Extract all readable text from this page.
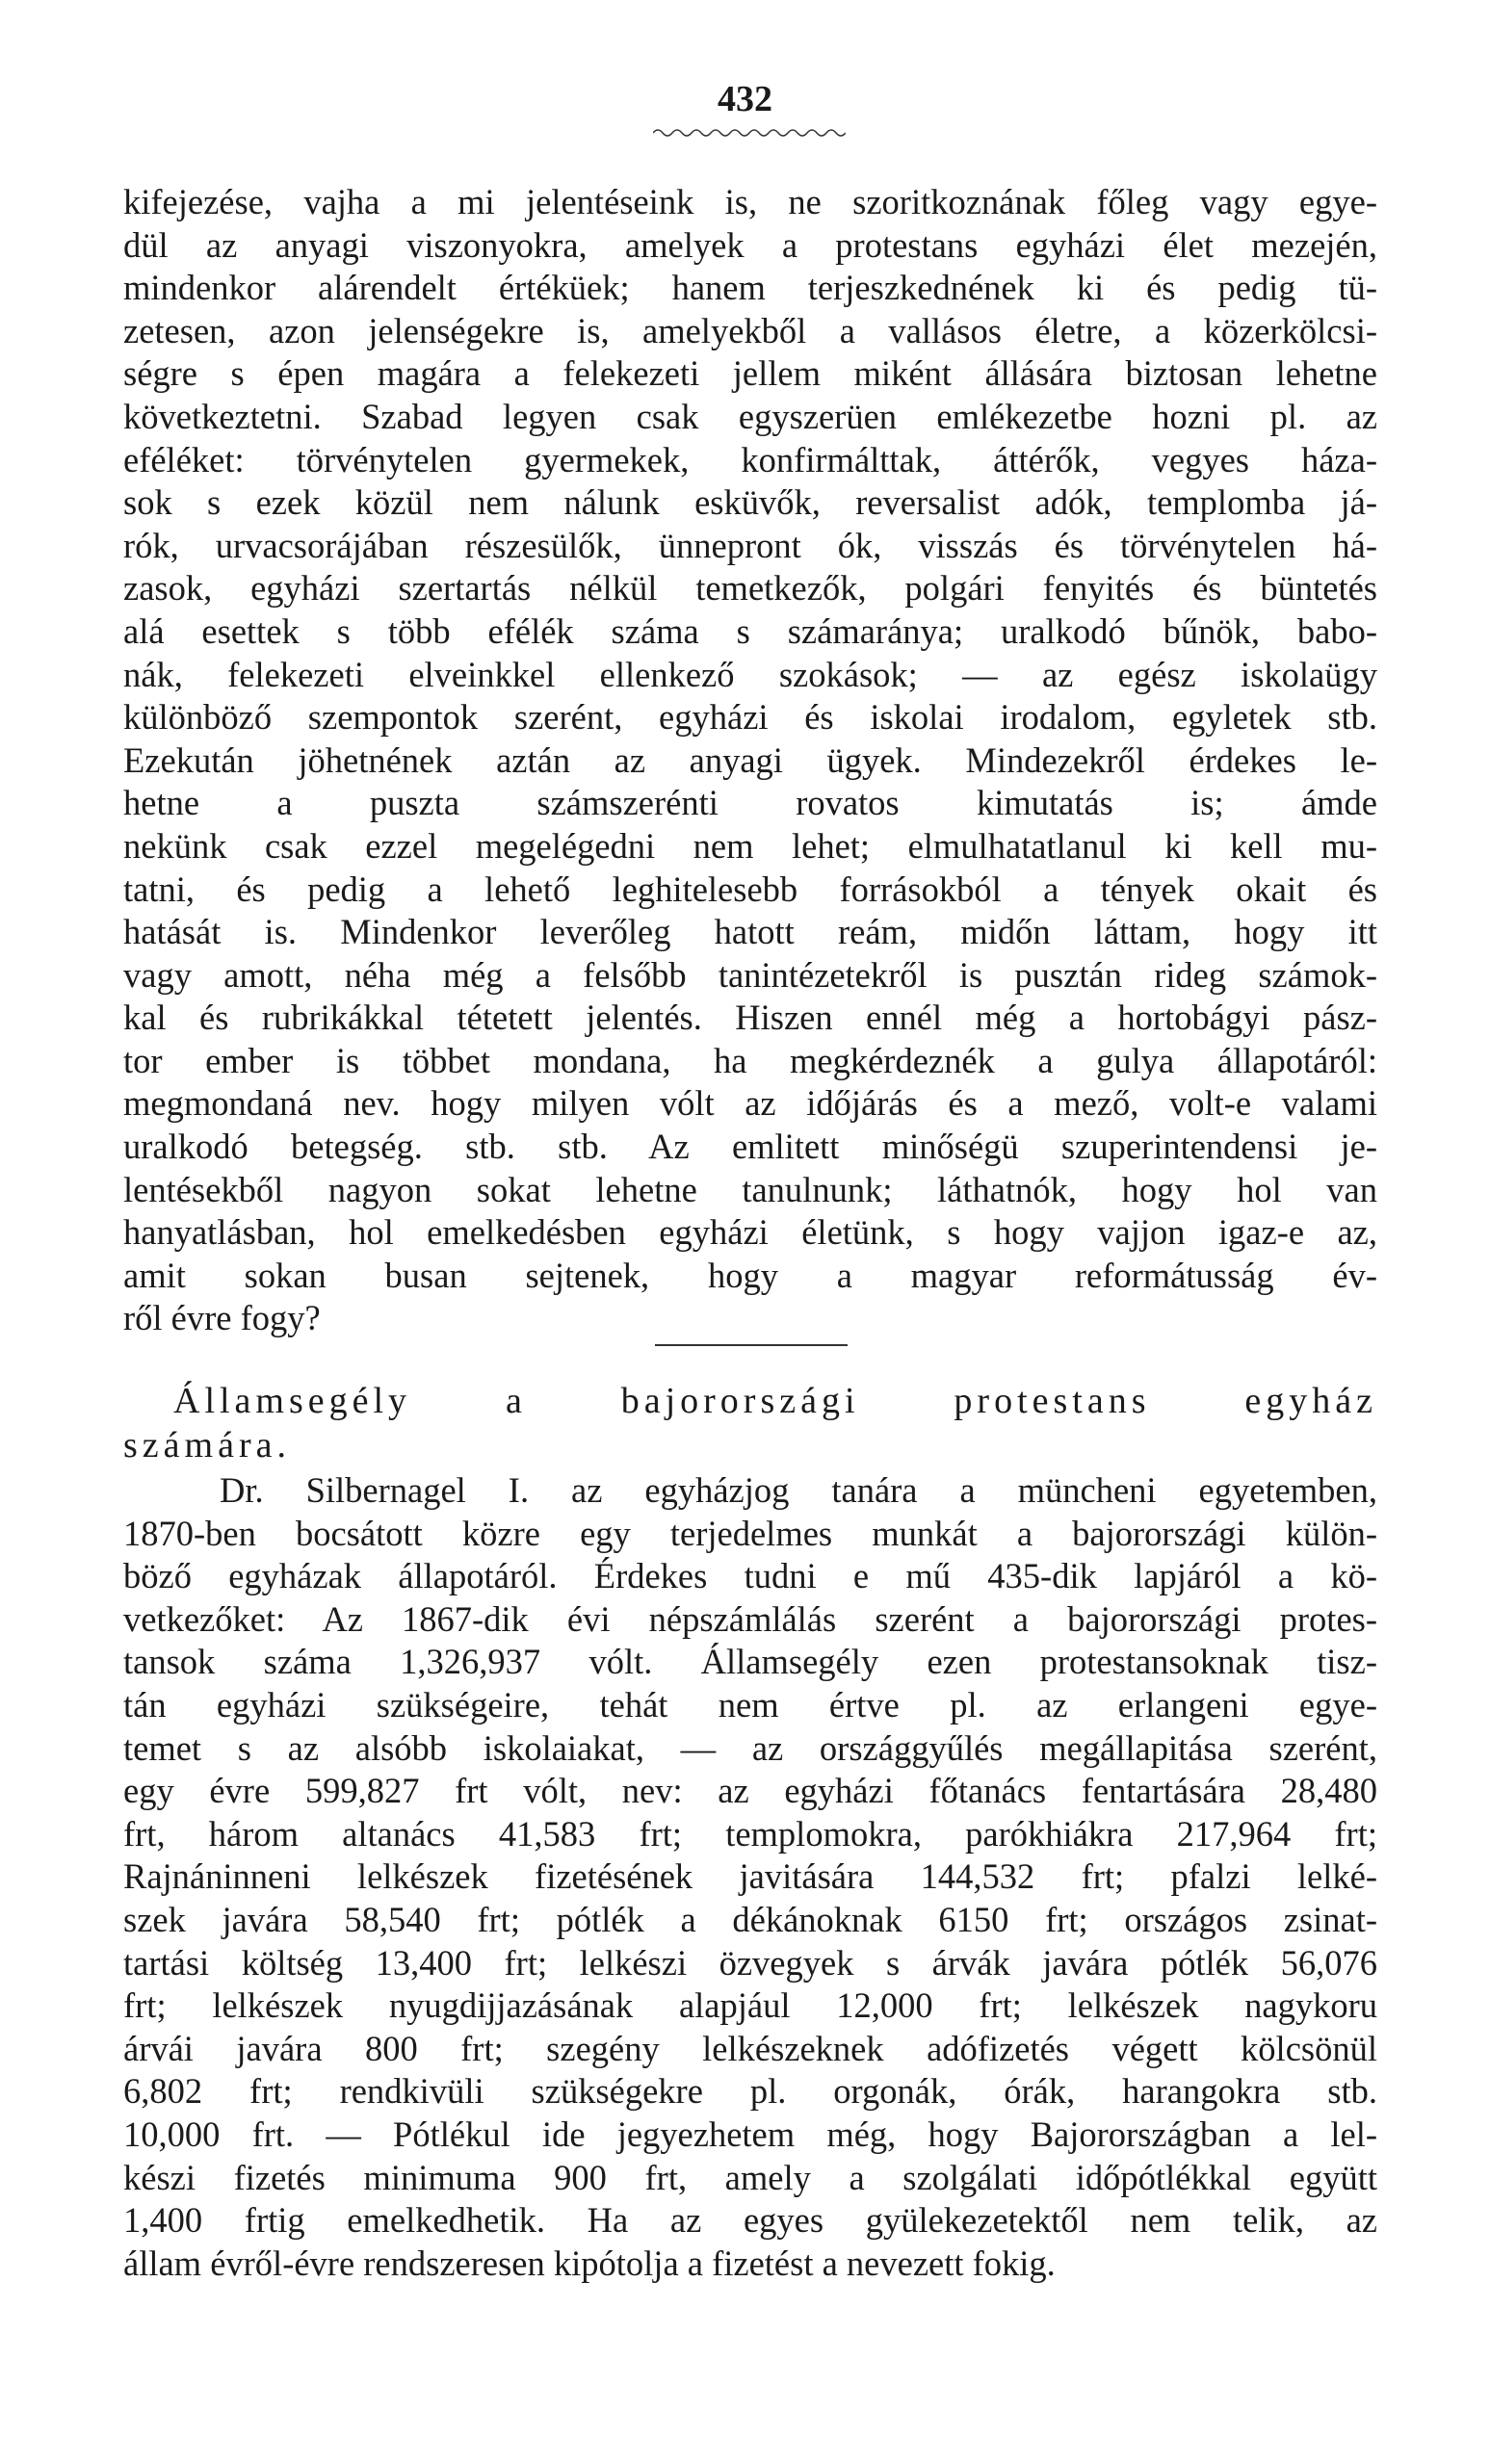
432
kifejezése, vajha a mi jelentéseink is, ne szoritkoznának főleg vagy egye-
dül az anyagi viszonyokra, amelyek a protestans egyházi élet mezején,
mindenkor alárendelt értéküek; hanem terjeszkednének ki és pedig tü-
zetesen, azon jelenségekre is, amelyekből a vallásos életre, a közerkölcsi-
ségre s épen magára a felekezeti jellem miként állására biztosan lehetne
következtetni. Szabad legyen csak egyszerüen emlékezetbe hozni pl. az
eféléket: törvénytelen gyermekek, konfirmálttak, áttérők, vegyes háza-
sok s ezek közül nem nálunk esküvők, reversalist adók, templomba já-
rók, urvacsorájában részesülők, ünnepront ók, visszás és törvénytelen há-
zasok, egyházi szertartás nélkül temetkezők, polgári fenyités és büntetés
alá esettek s több efélék száma s számaránya; uralkodó bűnök, babo-
nák, felekezeti elveinkkel ellenkező szokások; — az egész iskolaügy
különböző szempontok szerént, egyházi és iskolai irodalom, egyletek stb.
Ezekután jöhetnének aztán az anyagi ügyek. Mindezekről érdekes le-
hetne a puszta számszerénti rovatos kimutatás is; ámde
nekünk csak ezzel megelégedni nem lehet; elmulhatatlanul ki kell mu-
tatni, és pedig a lehető leghitelesebb forrásokból a tények okait és
hatását is. Mindenkor leverőleg hatott reám, midőn láttam, hogy itt
vagy amott, néha még a felsőbb tanintézetekről is pusztán rideg számok-
kal és rubrikákkal tétetett jelentés. Hiszen ennél még a hortobágyi pász-
tor ember is többet mondana, ha megkérdeznék a gulya állapotáról:
megmondaná nev. hogy milyen vólt az időjárás és a mező, volt-e valami
uralkodó betegség. stb. stb. Az emlitett minőségü szuperintendensi je-
lentésekből nagyon sokat lehetne tanulnunk; láthatnók, hogy hol van
hanyatlásban, hol emelkedésben egyházi életünk, s hogy vajjon igaz-e az,
amit sokan busan sejtenek, hogy a magyar reformátusság év-
ről évre fogy?
Államsegély a bajorországi protestans egyház
számára.
Dr. Silbernagel I. az egyházjog tanára a müncheni egyetemben,
1870-ben bocsátott közre egy terjedelmes munkát a bajorországi külön-
böző egyházak állapotáról. Érdekes tudni e mű 435-dik lapjáról a kö-
vetkezőket: Az 1867-dik évi népszámlálás szerént a bajorországi protes-
tansok száma 1,326,937 vólt. Államsegély ezen protestansoknak tisz-
tán egyházi szükségeire, tehát nem értve pl. az erlangeni egye-
temet s az alsóbb iskolaiakat, — az országgyűlés megállapitása szerént,
egy évre 599,827 frt vólt, nev: az egyházi főtanács fentartására 28,480
frt, három altanács 41,583 frt; templomokra, parókhiákra 217,964 frt;
Rajnáninneni lelkészek fizetésének javitására 144,532 frt; pfalzi lelké-
szek javára 58,540 frt; pótlék a dékánoknak 6150 frt; országos zsinat-
tartási költség 13,400 frt; lelkészi özvegyek s árvák javára pótlék 56,076
frt; lelkészek nyugdijjazásának alapjául 12,000 frt; lelkészek nagykoru
árvái javára 800 frt; szegény lelkészeknek adófizetés végett kölcsönül
6,802 frt; rendkivüli szükségekre pl. orgonák, órák, harangokra stb.
10,000 frt. — Pótlékul ide jegyezhetem még, hogy Bajorországban a lel-
készi fizetés minimuma 900 frt, amely a szolgálati időpótlékkal együtt
1,400 frtig emelkedhetik. Ha az egyes gyülekezetektől nem telik, az
állam évről-évre rendszeresen kipótolja a fizetést a nevezett fokig.
